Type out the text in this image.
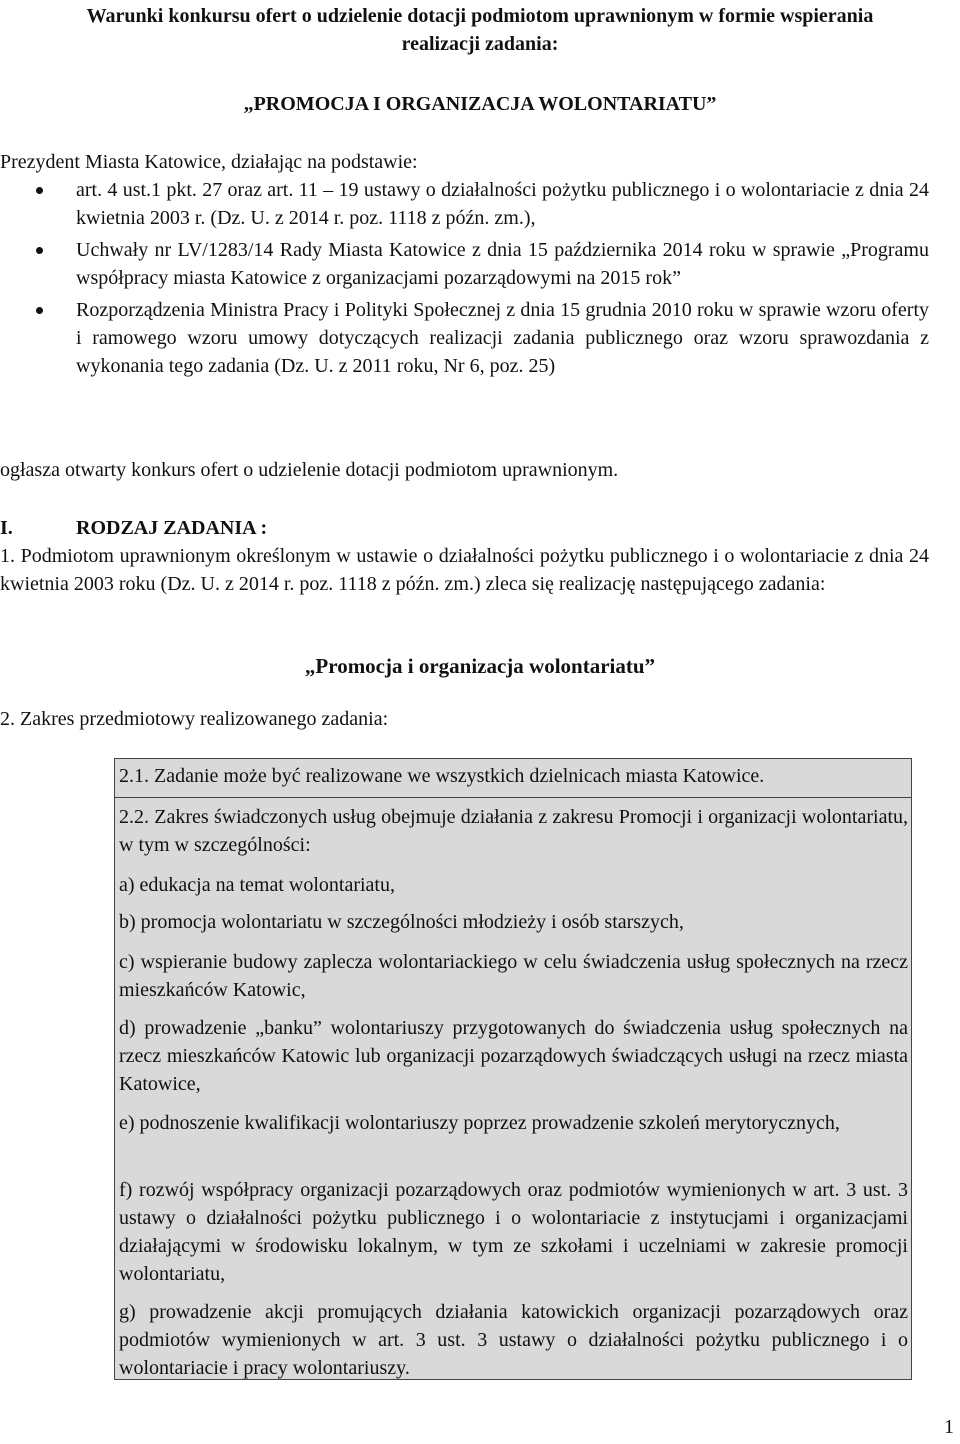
Warunki konkursu ofert o udzielenie dotacji podmiotom uprawnionym w formie wspierania
realizacji zadania:
„PROMOCJA I ORGANIZACJA WOLONTARIATU”
Prezydent Miasta Katowice, działając na podstawie:
art. 4 ust.1 pkt. 27 oraz art. 11 – 19 ustawy o działalności pożytku publicznego i o wolontariacie z dnia 24 kwietnia 2003 r. (Dz. U. z 2014 r. poz. 1118 z późn. zm.),
Uchwały nr LV/1283/14 Rady Miasta Katowice z dnia 15 października 2014 roku w sprawie „Programu współpracy miasta Katowice z organizacjami pozarządowymi na 2015 rok”
Rozporządzenia Ministra Pracy i Polityki Społecznej z dnia 15 grudnia 2010 roku w sprawie wzoru oferty i ramowego wzoru umowy dotyczących realizacji zadania publicznego oraz wzoru sprawozdania z wykonania tego zadania (Dz. U. z 2011 roku, Nr 6, poz. 25)
ogłasza otwarty konkurs ofert o udzielenie dotacji podmiotom uprawnionym.
I.	RODZAJ ZADANIA :
1. Podmiotom uprawnionym określonym w ustawie o działalności pożytku publicznego i o wolontariacie z dnia 24 kwietnia 2003 roku (Dz. U. z 2014 r. poz. 1118 z późn. zm.) zleca się realizację następującego zadania:
„Promocja i organizacja wolontariatu”
2. Zakres przedmiotowy realizowanego zadania:
2.1. Zadanie może być realizowane we wszystkich dzielnicach miasta Katowice.
2.2. Zakres świadczonych usług obejmuje działania z zakresu Promocji i organizacji wolontariatu, w tym w szczególności:
a) edukacja na temat wolontariatu,
b) promocja wolontariatu w szczególności młodzieży i osób starszych,
c) wspieranie budowy zaplecza wolontariackiego w celu świadczenia usług społecznych na rzecz mieszkańców Katowic,
d) prowadzenie „banku” wolontariuszy przygotowanych do świadczenia usług społecznych na rzecz mieszkańców Katowic lub organizacji pozarządowych świadczących usługi na rzecz miasta Katowice,
e) podnoszenie kwalifikacji wolontariuszy poprzez prowadzenie szkoleń merytorycznych,
f) rozwój współpracy organizacji pozarządowych oraz podmiotów wymienionych w art. 3 ust. 3 ustawy o działalności pożytku publicznego i o wolontariacie z instytucjami i organizacjami działającymi w środowisku lokalnym, w tym ze szkołami i uczelniami w zakresie promocji wolontariatu,
g) prowadzenie akcji promujących działania katowickich organizacji pozarządowych oraz podmiotów wymienionych w art. 3 ust. 3 ustawy o działalności pożytku publicznego i o wolontariacie i pracy wolontariuszy.
1
